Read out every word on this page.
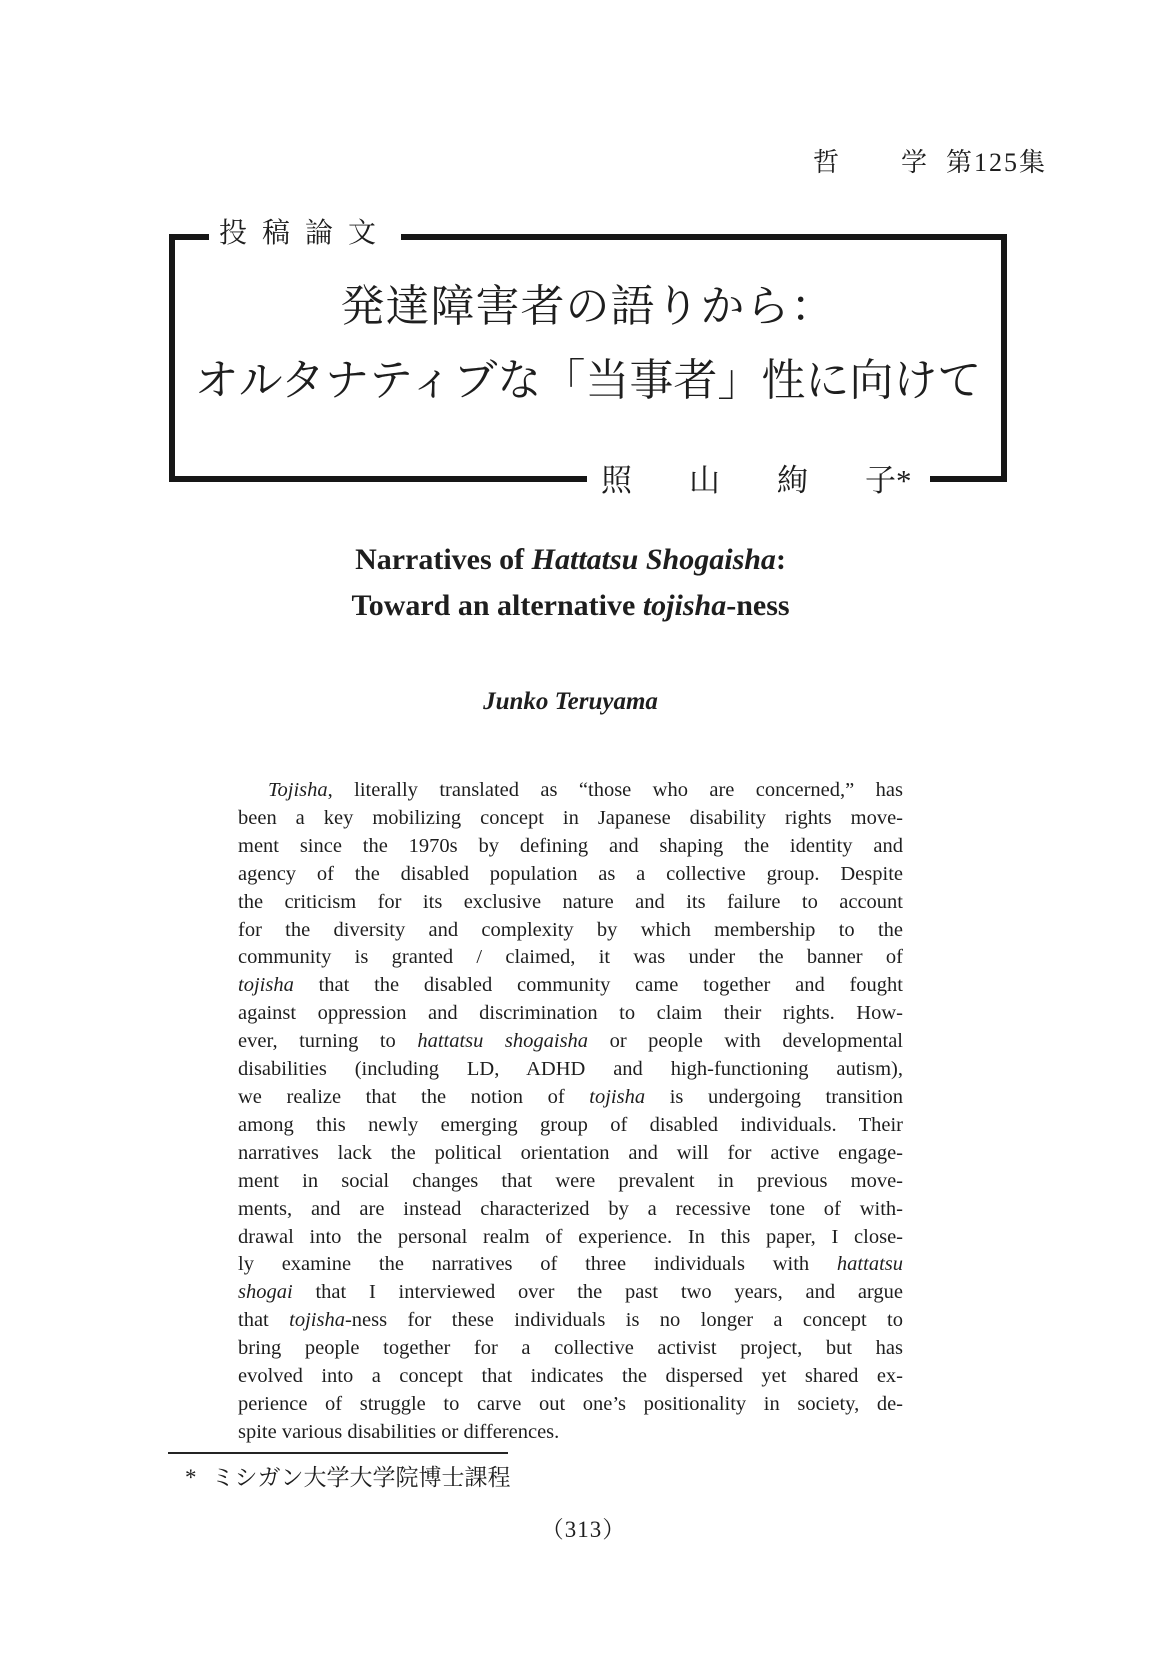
哲 学 第125集
投稿論文
発達障害者の語りから：
オルタナティブな「当事者」性に向けて
照 山 絢 子*
Narratives of Hattatsu Shogaisha:
Toward an alternative tojisha-ness
Junko Teruyama
Tojisha, literally translated as “those who are concerned,” has
been a key mobilizing concept in Japanese disability rights move-
ment since the 1970s by defining and shaping the identity and
agency of the disabled population as a collective group. Despite
the criticism for its exclusive nature and its failure to account
for the diversity and complexity by which membership to the
community is granted / claimed, it was under the banner of
tojisha that the disabled community came together and fought
against oppression and discrimination to claim their rights. How-
ever, turning to hattatsu shogaisha or people with developmental
disabilities (including LD, ADHD and high-functioning autism),
we realize that the notion of tojisha is undergoing transition
among this newly emerging group of disabled individuals. Their
narratives lack the political orientation and will for active engage-
ment in social changes that were prevalent in previous move-
ments, and are instead characterized by a recessive tone of with-
drawal into the personal realm of experience. In this paper, I close-
ly examine the narratives of three individuals with hattatsu
shogai that I interviewed over the past two years, and argue
that tojisha-ness for these individuals is no longer a concept to
bring people together for a collective activist project, but has
evolved into a concept that indicates the dispersed yet shared ex-
perience of struggle to carve out one’s positionality in society, de-
spite various disabilities or differences.
* ミシガン大学大学院博士課程
（313）
